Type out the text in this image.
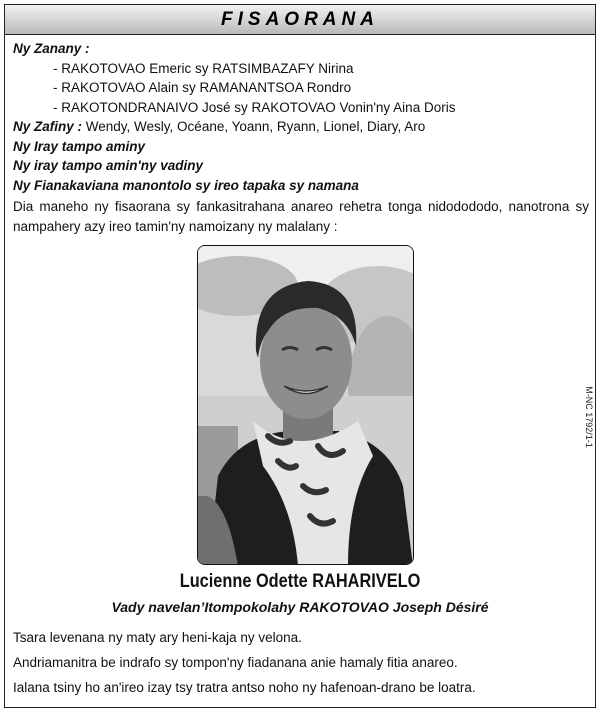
FISAORANA
Ny Zanany :
- RAKOTOVAO Emeric sy RATSIMBAZAFY Nirina
- RAKOTOVAO Alain sy RAMANANTSOA Rondro
- RAKOTONDRANAIVO José sy RAKOTOVAO Vonin'ny Aina Doris
Ny Zafiny : Wendy, Wesly, Océane, Yoann, Ryann, Lionel, Diary, Aro
Ny Iray tampo aminy
Ny iray tampo amin'ny vadiny
Ny Fianakaviana manontolo sy ireo tapaka sy namana
Dia maneho ny fisaorana sy fankasitrahana anareo rehetra tonga nidodododo, nanotrona sy nampahery azy ireo tamin'ny namoizany ny malalany :
M-NC 1792/1-1
Lucienne Odette RAHARIVELO
Vady navelan’Itompokolahy RAKOTOVAO Joseph Désiré
Tsara levenana ny maty ary heni-kaja ny velona.
Andriamanitra be indrafo sy tompon'ny fiadanana anie hamaly fitia anareo.
Ialana tsiny ho an'ireo izay tsy tratra antso noho ny hafenoan-drano be loatra.
